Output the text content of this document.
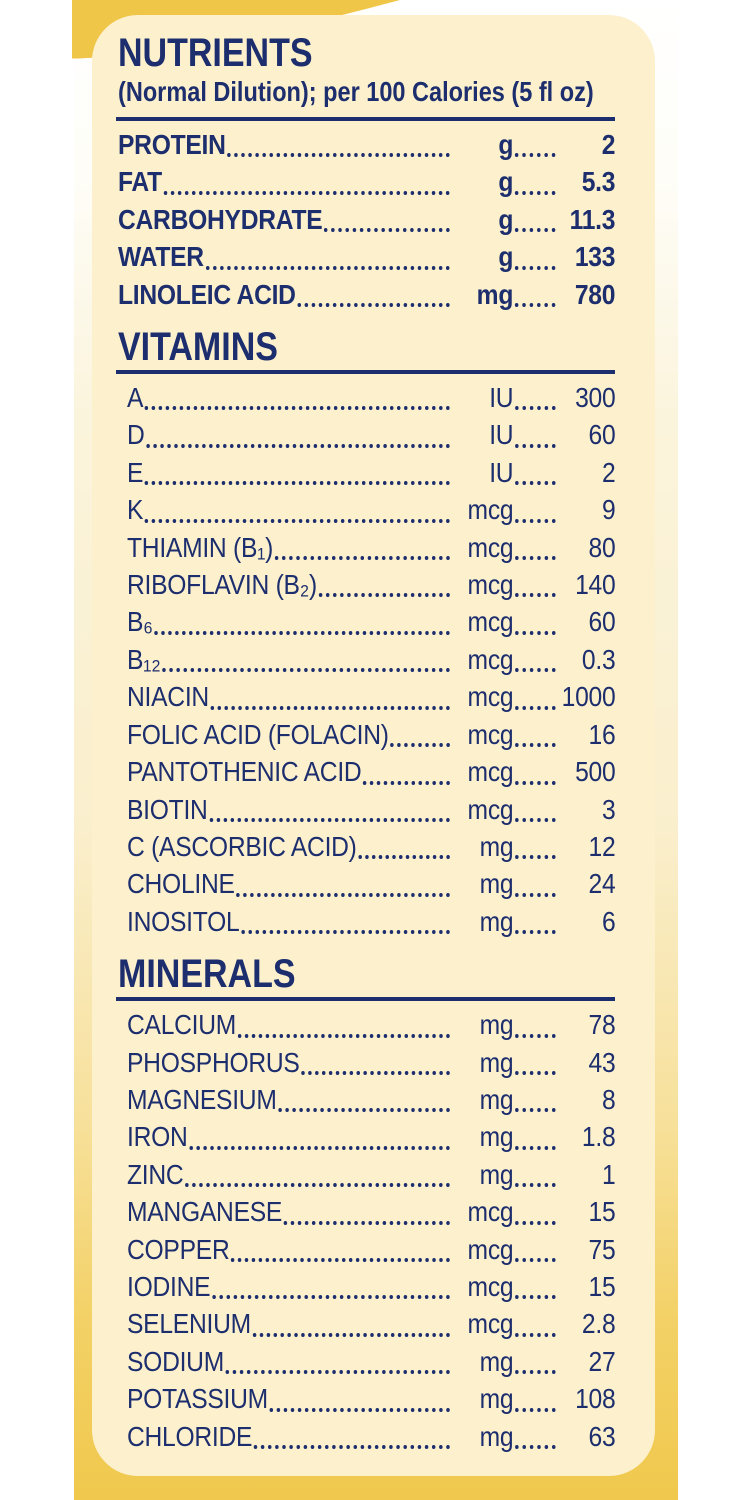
NUTRIENTS
(Normal Dilution); per 100 Calories (5 fl oz)
PROTEIN	g	2
FAT	g	5.3
CARBOHYDRATE	g	11.3
WATER	g	133
LINOLEIC ACID	mg	780
VITAMINS
A	IU	300
D	IU	60
E	IU	2
K	mcg	9
THIAMIN (B₁)	mcg	80
RIBOFLAVIN (B₂)	mcg	140
B₆	mcg	60
B₁₂	mcg	0.3
NIACIN	mcg 1000
FOLIC ACID (FOLACIN)	mcg	16
PANTOTHENIC ACID	mcg	500
BIOTIN	mcg	3
C (ASCORBIC ACID)	mg	12
CHOLINE	mg	24
INOSITOL	mg	6
MINERALS
CALCIUM	mg	78
PHOSPHORUS	mg	43
MAGNESIUM	mg	8
IRON	mg	1.8
ZINC	mg	1
MANGANESE	mcg	15
COPPER	mcg	75
IODINE	mcg	15
SELENIUM	mcg	2.8
SODIUM	mg	27
POTASSIUM	mg	108
CHLORIDE	mg	63
